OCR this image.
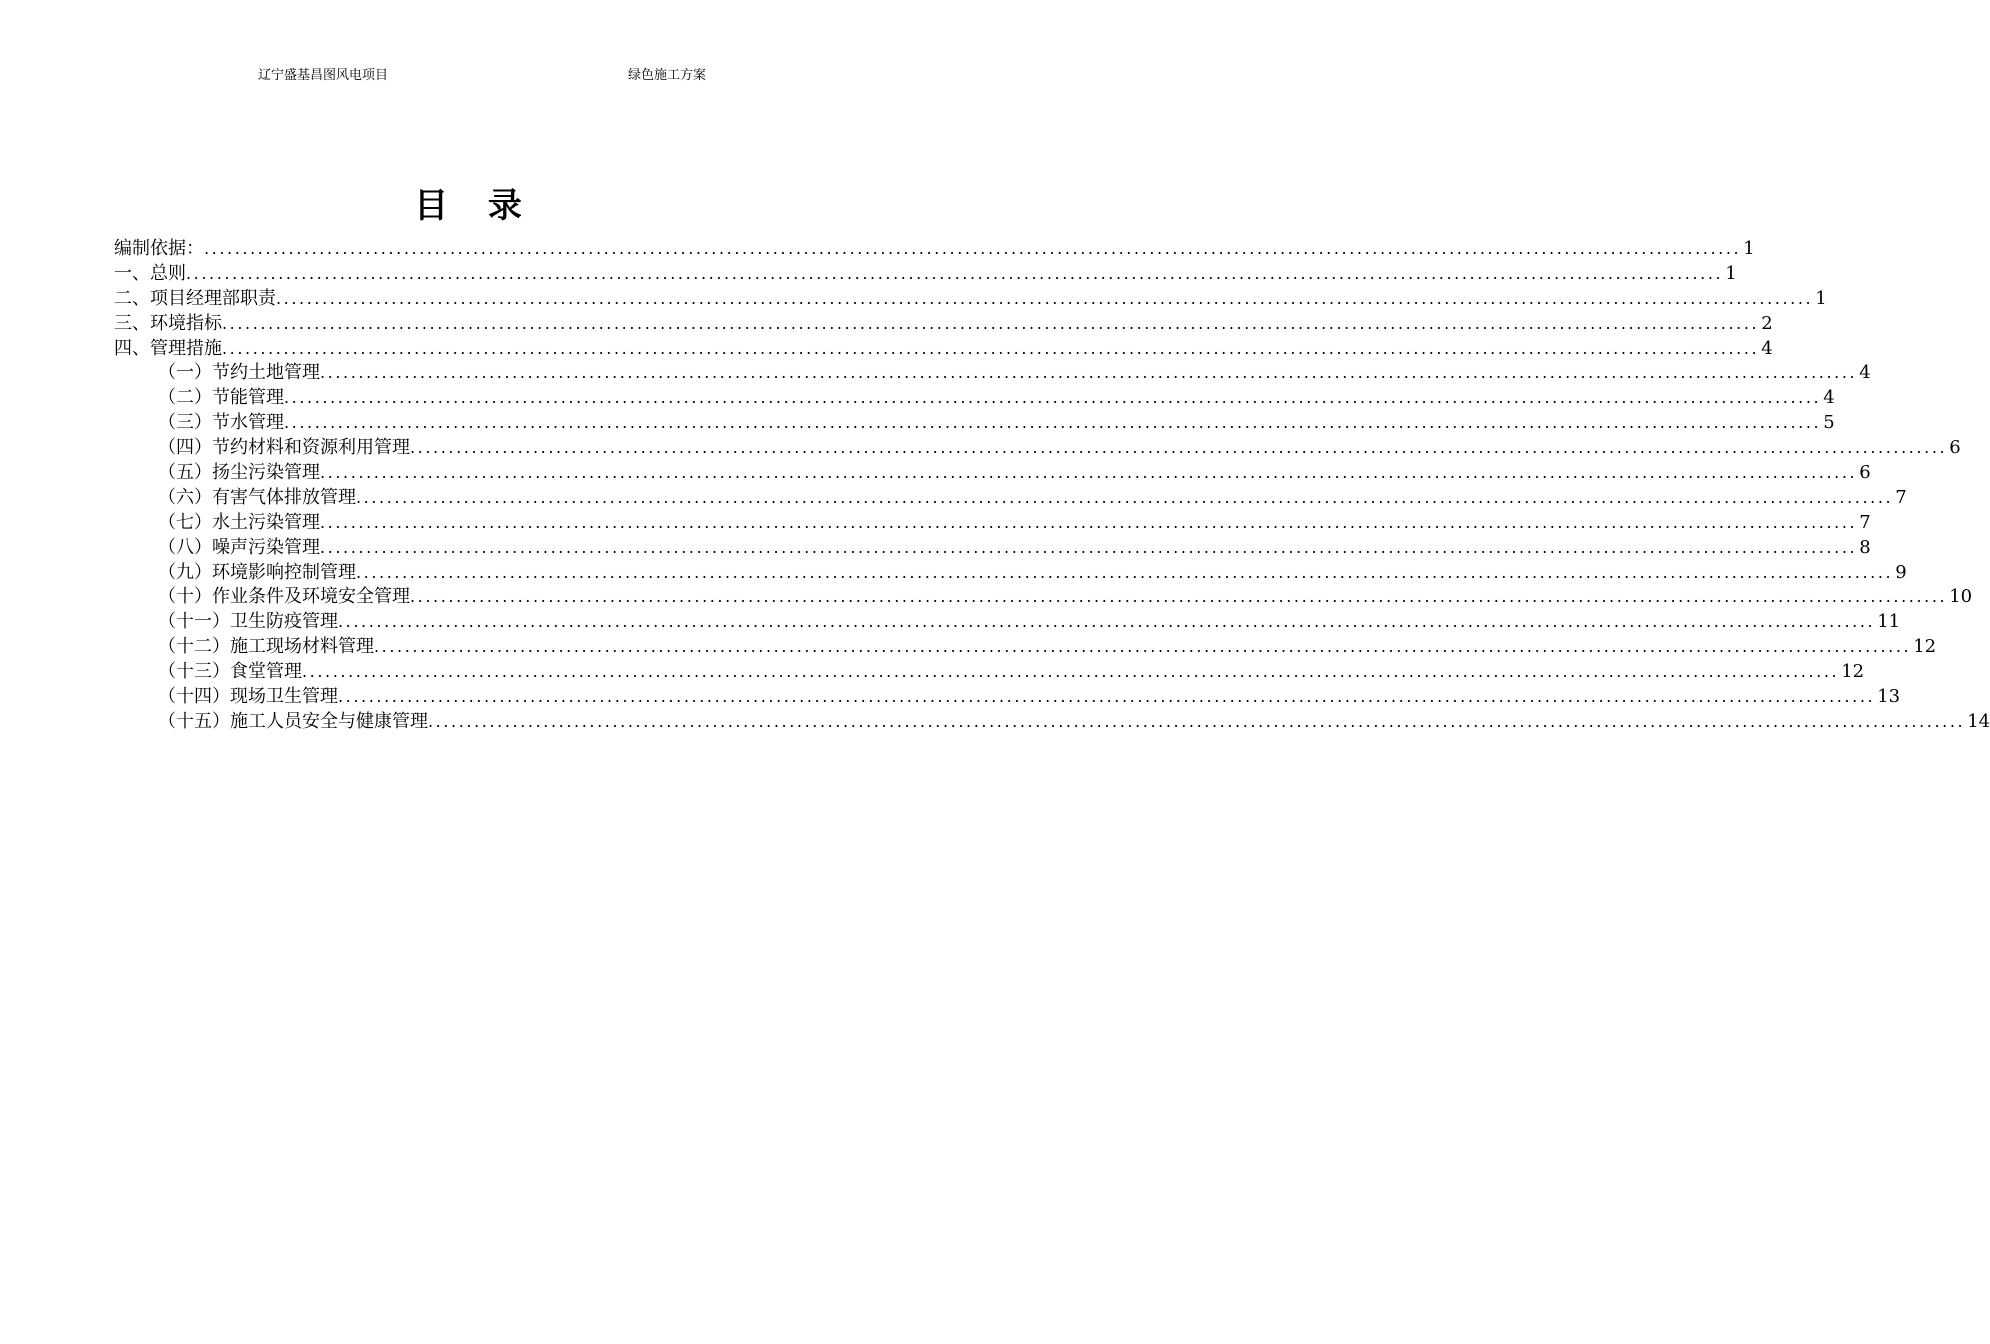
辽宁盛基昌图风电项目	绿色施工方案
目 录
编制依据： ........................................................................................................................................................................................................ 1
一、总则 ........................................................................................................................................................................................................ 1
二、项目经理部职责 ........................................................................................................................................................................................................ 1
三、环境指标 ........................................................................................................................................................................................................ 2
四、管理措施 ........................................................................................................................................................................................................ 4
（一）节约土地管理 ........................................................................................................................................................................................................ 4
（二）节能管理 ........................................................................................................................................................................................................ 4
（三）节水管理 ........................................................................................................................................................................................................ 5
（四）节约材料和资源利用管理 ........................................................................................................................................................................................................ 6
（五）扬尘污染管理 ........................................................................................................................................................................................................ 6
（六）有害气体排放管理 ........................................................................................................................................................................................................ 7
（七）水土污染管理 ........................................................................................................................................................................................................ 7
（八）噪声污染管理 ........................................................................................................................................................................................................ 8
（九）环境影响控制管理 ........................................................................................................................................................................................................ 9
（十）作业条件及环境安全管理 ........................................................................................................................................................................................................ 10
（十一）卫生防疫管理 ........................................................................................................................................................................................................ 11
（十二）施工现场材料管理 ........................................................................................................................................................................................................ 12
（十三）食堂管理 ........................................................................................................................................................................................................ 12
（十四）现场卫生管理 ........................................................................................................................................................................................................ 13
（十五）施工人员安全与健康管理 ........................................................................................................................................................................................................ 14
